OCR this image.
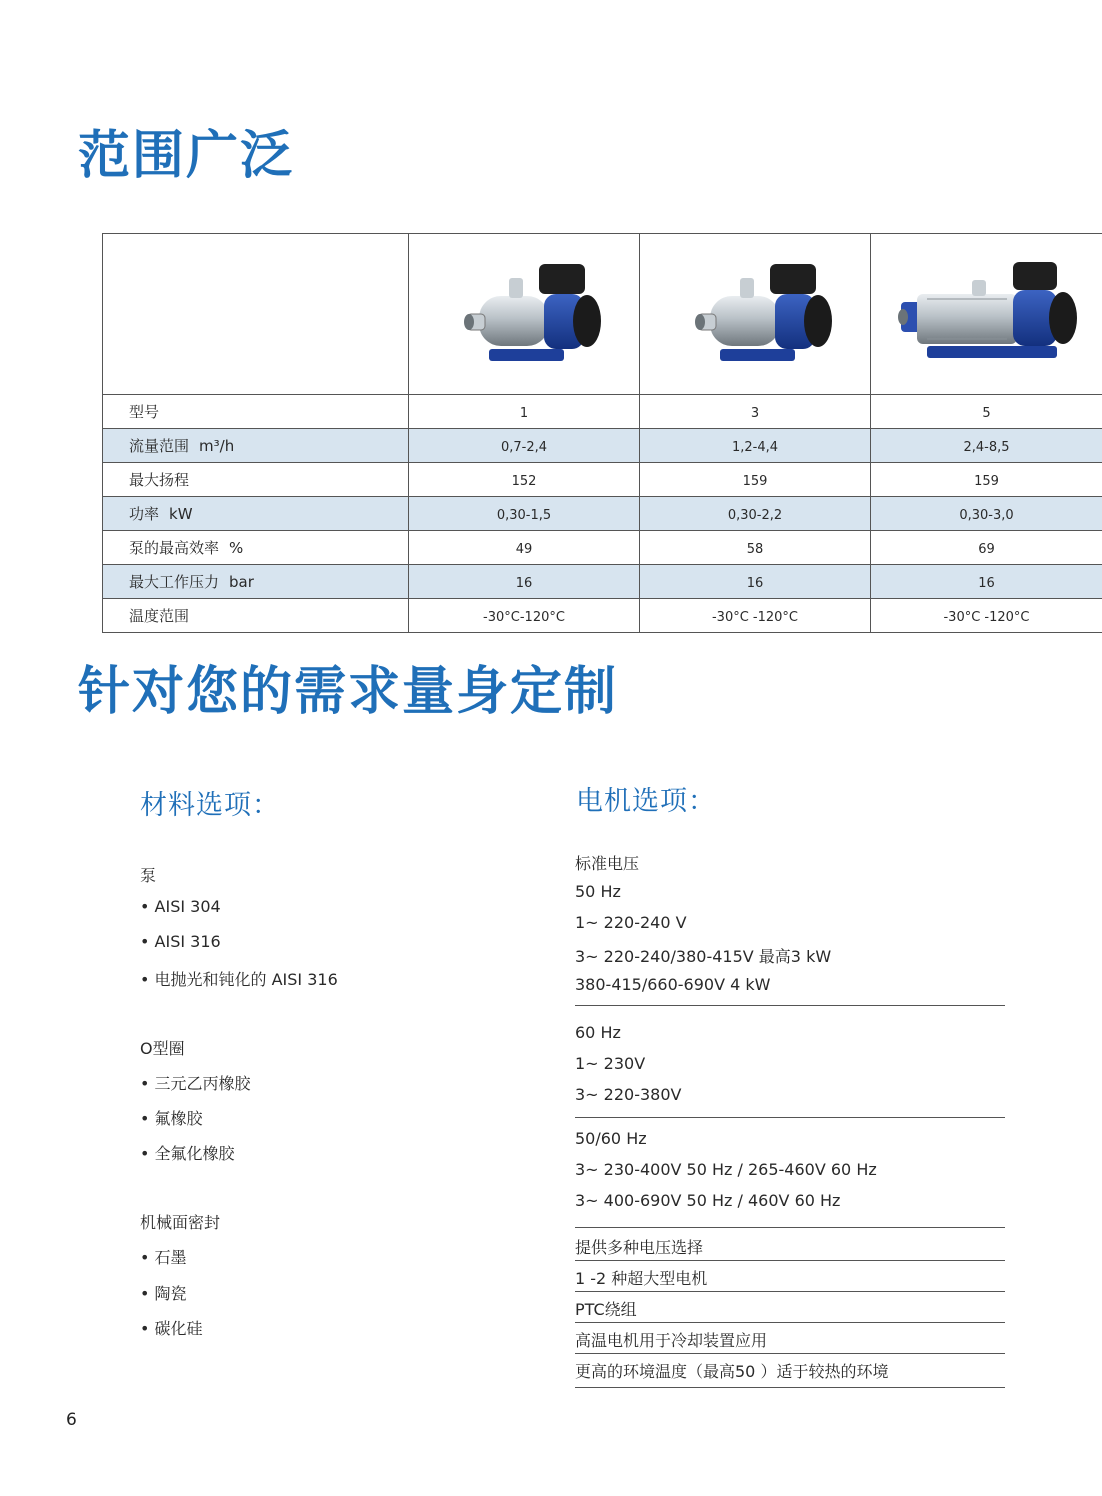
范围广泛

型号	1	3	5
流量范围 m³/h	0,7-2,4	1,2-4,4	2,4-8,5
最大扬程	152	159	159
功率 kW	0,30-1,5	0,30-2,2	0,30-3,0
泵的最高效率 %	49	58	69
最大工作压力 bar	16	16	16
温度范围	-30°C-120°C	-30°C -120°C	-30°C -120°C
针对您的需求量身定制
材料选项：	电机选项：
泵
• AISI 304
• AISI 316
• 电抛光和钝化的 AISI 316
O型圈
• 三元乙丙橡胶
• 氟橡胶
• 全氟化橡胶
机械面密封
• 石墨
• 陶瓷
• 碳化硅
标准电压
50 Hz
1~ 220-240 V
3~ 220-240/380-415V 最高3 kW
380-415/660-690V 4 kW
60 Hz
1~ 230V
3~ 220-380V
50/60 Hz
3~ 230-400V 50 Hz / 265-460V 60 Hz
3~ 400-690V 50 Hz / 460V 60 Hz
提供多种电压选择
1 -2 种超大型电机
PTC绕组
高温电机用于冷却装置应用
更高的环境温度（最高50 ）适于较热的环境
6
